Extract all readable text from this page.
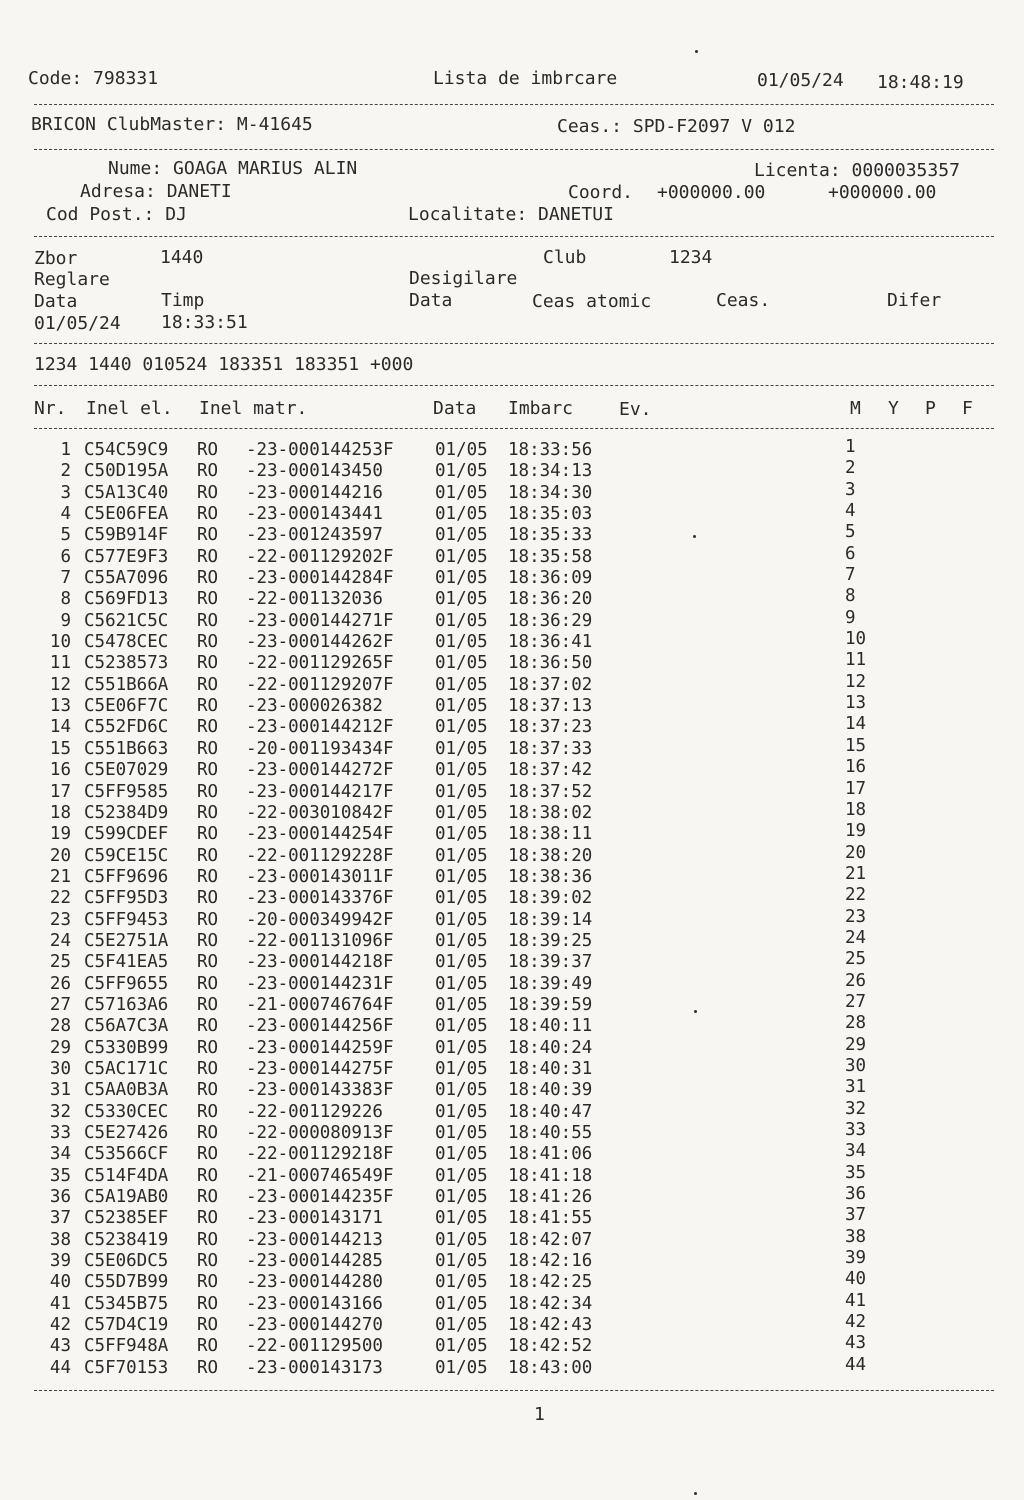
Code: 798331	Lista de imbrcare	01/05/24 18:48:19
BRICON ClubMaster: M-41645	Ceas.: SPD-F2097 V 012
Nume: GOAGA MARIUS ALIN	Licenta: 0000035357
Adresa: DANETI	Coord. +000000.00	+000000.00
Cod Post.: DJ	Localitate: DANETUI
Zbor	1440	Club	1234
Reglare	Desigilare
Data	Timp	Data	Ceas atomic	Ceas.	Difer
01/05/24 18:33:51
1234 1440 010524 183351 183351 +000
Nr. Inel el. Inel matr.	Data Imbarc	Ev.	M Y P F
1 C54C59C9 RO -23-000144253F 01/05 18:33:56	1
2 C50D195A RO -23-000143450	01/05 18:34:13	2
3 C5A13C40 RO -23-000144216	01/05 18:34:30	3
4 C5E06FEA RO -23-000143441	01/05 18:35:03	4
5 C59B914F RO -23-001243597	01/05 18:35:33	5
6 C577E9F3 RO -22-001129202F 01/05 18:35:58	6
7 C55A7096 RO -23-000144284F 01/05 18:36:09	7
8 C569FD13 RO -22-001132036	01/05 18:36:20	8
9 C5621C5C RO -23-000144271F 01/05 18:36:29	9
10 C5478CEC RO -23-000144262F 01/05 18:36:41	10
11 C5238573 RO -22-001129265F 01/05 18:36:50	11
12 C551B66A RO -22-001129207F 01/05 18:37:02	12
13 C5E06F7C RO -23-000026382	01/05 18:37:13	13
14 C552FD6C RO -23-000144212F 01/05 18:37:23	14
15 C551B663 RO -20-001193434F 01/05 18:37:33	15
16 C5E07029 RO -23-000144272F 01/05 18:37:42	16
17 C5FF9585 RO -23-000144217F 01/05 18:37:52	17
18 C52384D9 RO -22-003010842F 01/05 18:38:02	18
19 C599CDEF RO -23-000144254F 01/05 18:38:11	19
20 C59CE15C RO -22-001129228F 01/05 18:38:20	20
21 C5FF9696 RO -23-000143011F 01/05 18:38:36	21
22 C5FF95D3 RO -23-000143376F 01/05 18:39:02	22
23 C5FF9453 RO -20-000349942F 01/05 18:39:14	23
24 C5E2751A RO -22-001131096F 01/05 18:39:25	24
25 C5F41EA5 RO -23-000144218F 01/05 18:39:37	25
26 C5FF9655 RO -23-000144231F 01/05 18:39:49	26
27 C57163A6 RO -21-000746764F 01/05 18:39:59	27
28 C56A7C3A RO -23-000144256F 01/05 18:40:11	28
29 C5330B99 RO -23-000144259F 01/05 18:40:24	29
30 C5AC171C RO -23-000144275F 01/05 18:40:31	30
31 C5AA0B3A RO -23-000143383F 01/05 18:40:39	31
32 C5330CEC RO -22-001129226	01/05 18:40:47	32
33 C5E27426 RO -22-000080913F 01/05 18:40:55	33
34 C53566CF RO -22-001129218F 01/05 18:41:06	34
35 C514F4DA RO -21-000746549F 01/05 18:41:18	35
36 C5A19AB0 RO -23-000144235F 01/05 18:41:26	36
37 C52385EF RO -23-000143171	01/05 18:41:55	37
38 C5238419 RO -23-000144213	01/05 18:42:07	38
39 C5E06DC5 RO -23-000144285	01/05 18:42:16	39
40 C55D7B99 RO -23-000144280	01/05 18:42:25	40
41 C5345B75 RO -23-000143166	01/05 18:42:34	41
42 C57D4C19 RO -23-000144270	01/05 18:42:43	42
43 C5FF948A RO -22-001129500	01/05 18:42:52	43
44 C5F70153 RO -23-000143173	01/05 18:43:00	44
1
